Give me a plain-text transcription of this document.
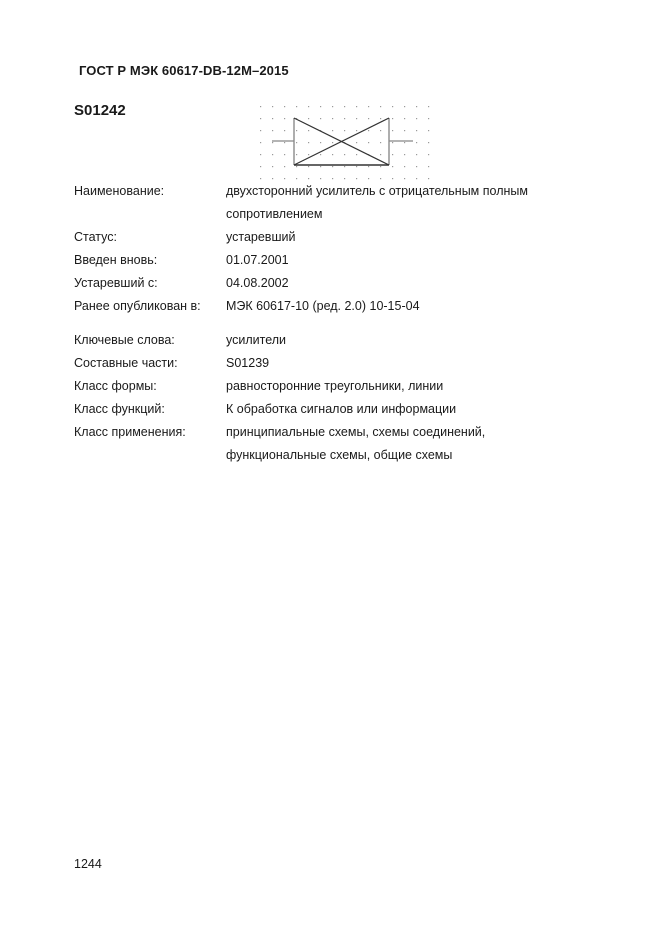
ГОСТ Р МЭК 60617-DB-12M–2015
S01242
Наименование:	двухсторонний усилитель с отрицательным полным
сопротивлением
Статус:	устаревший
Введен вновь:	01.07.2001
Устаревший с:	04.08.2002
Ранее опубликован в:	МЭК 60617-10 (ред. 2.0) 10-15-04
Ключевые слова:	усилители
Составные части:	S01239
Класс формы:	равносторонние треугольники, линии
Класс функций:	К обработка сигналов или информации
Класс применения:	принципиальные схемы, схемы соединений,
функциональные схемы, общие схемы
1244
